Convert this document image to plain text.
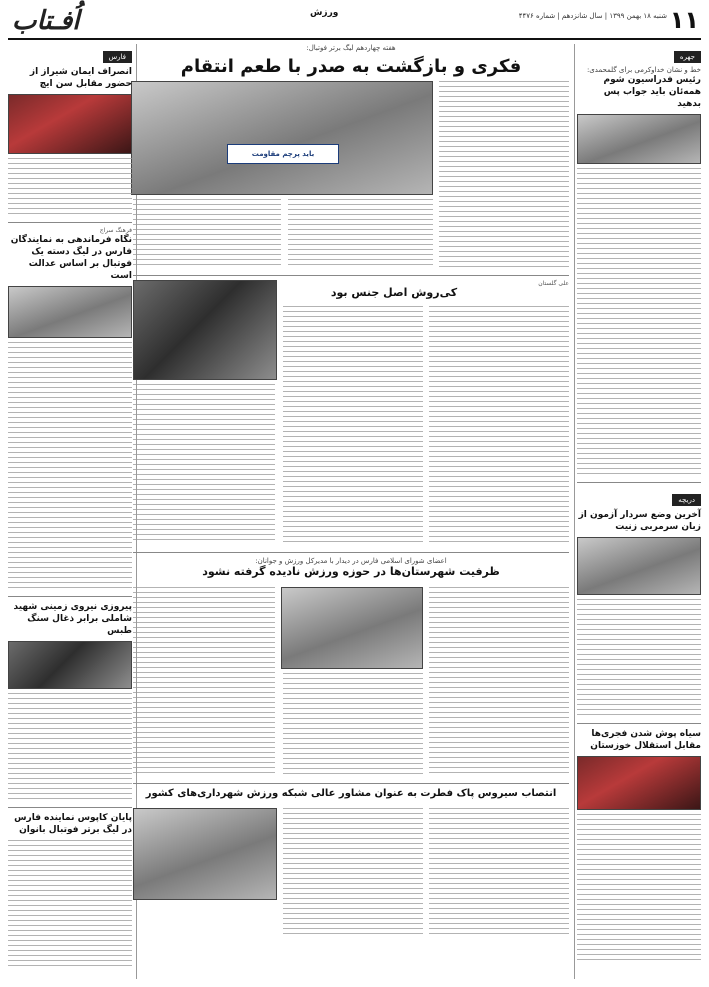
۱۱
شنبه ۱۸ بهمن ۱۳۹۹ | سال شانزدهم | شماره ۴۴۷۶
ورزش
اُفـتاب
جهره
خط و نشان خداوکرمی برای گلمحمدی:
رئیس فدراسیون شوم همه‌ئان باید جواب پس بدهید
دریچه
آخرین وضع سردار آزمون از زبان سرمربی زنیت
سیاه پوش شدن فجری‌ها مقابل استقلال خوزستان
هفته چهاردهم لیگ برتر فوتبال:
فکری و بازگشت به صدر با طعم انتقام
باید پرچم مقاومت
علی گلستان
کی‌روش اصل جنس بود
اعضای شورای اسلامی فارس در دیدار با مدیرکل ورزش و جوانان:
ظرفیت شهرستان‌ها در حوزه ورزش نادیده گرفته نشود
انتصاب سیروس پاک فطرت به عنوان مشاور عالی شبکه ورزش شهرداری‌های کشور
فارس
انصراف ایمان شیراز از حضور مقابل سن ایچ
فرهنگ سراج
نگاه فرماندهی به نمایندگان فارس در لیگ دسته یک فوتبال بر اساس عدالت است
پیروزی نیروی زمینی شهید شاملی برابر ذغال سنگ طبس
پایان کاپوس نماینده فارس در لیگ برتر فوتبال بانوان
